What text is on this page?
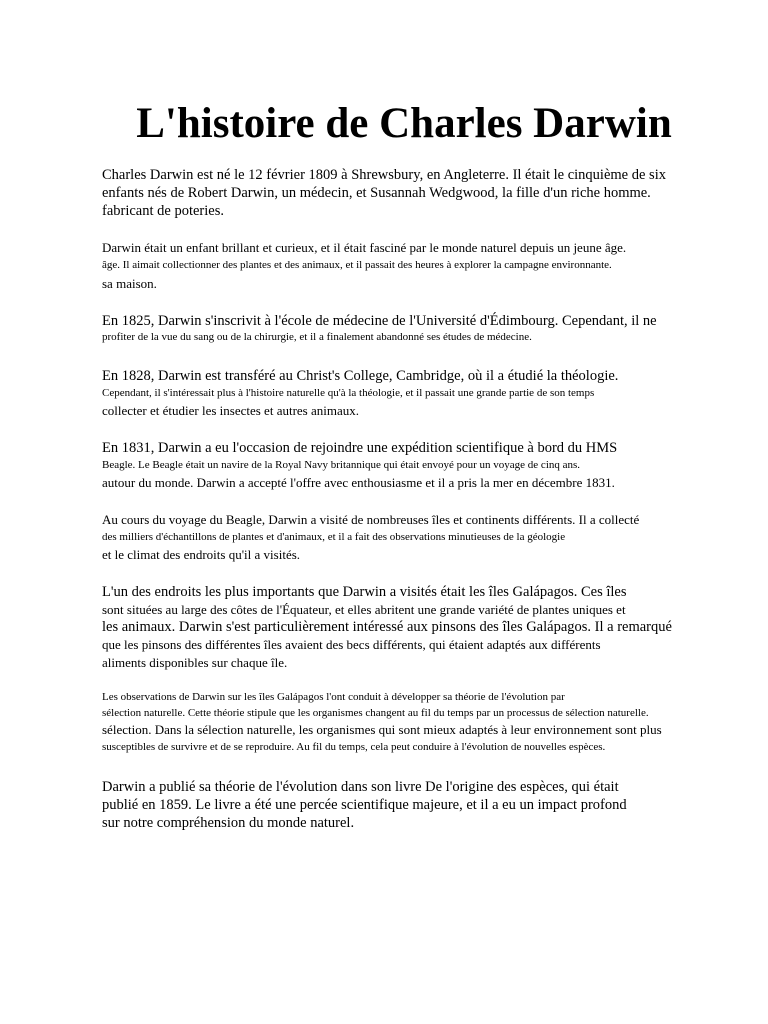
L'histoire de Charles Darwin

Charles Darwin est né le 12 février 1809 à Shrewsbury, en Angleterre. Il était le cinquième de six
enfants nés de Robert Darwin, un médecin, et Susannah Wedgwood, la fille d'un riche homme.
fabricant de poteries.

Darwin était un enfant brillant et curieux, et il était fasciné par le monde naturel depuis un jeune âge.
âge. Il aimait collectionner des plantes et des animaux, et il passait des heures à explorer la campagne environnante.
sa maison.

En 1825, Darwin s'inscrivit à l'école de médecine de l'Université d'Édimbourg. Cependant, il ne
profiter de la vue du sang ou de la chirurgie, et il a finalement abandonné ses études de médecine.

En 1828, Darwin est transféré au Christ's College, Cambridge, où il a étudié la théologie.
Cependant, il s'intéressait plus à l'histoire naturelle qu'à la théologie, et il passait une grande partie de son temps
collecter et étudier les insectes et autres animaux.

En 1831, Darwin a eu l'occasion de rejoindre une expédition scientifique à bord du HMS
Beagle. Le Beagle était un navire de la Royal Navy britannique qui était envoyé pour un voyage de cinq ans.
autour du monde. Darwin a accepté l'offre avec enthousiasme et il a pris la mer en décembre 1831.

Au cours du voyage du Beagle, Darwin a visité de nombreuses îles et continents différents. Il a collecté
des milliers d'échantillons de plantes et d'animaux, et il a fait des observations minutieuses de la géologie
et le climat des endroits qu'il a visités.

L'un des endroits les plus importants que Darwin a visités était les îles Galápagos. Ces îles
sont situées au large des côtes de l'Équateur, et elles abritent une grande variété de plantes uniques et
les animaux. Darwin s'est particulièrement intéressé aux pinsons des îles Galápagos. Il a remarqué
que les pinsons des différentes îles avaient des becs différents, qui étaient adaptés aux différents
aliments disponibles sur chaque île.

Les observations de Darwin sur les îles Galápagos l'ont conduit à développer sa théorie de l'évolution par
sélection naturelle. Cette théorie stipule que les organismes changent au fil du temps par un processus de sélection naturelle.
sélection. Dans la sélection naturelle, les organismes qui sont mieux adaptés à leur environnement sont plus
susceptibles de survivre et de se reproduire. Au fil du temps, cela peut conduire à l'évolution de nouvelles espèces.

Darwin a publié sa théorie de l'évolution dans son livre De l'origine des espèces, qui était
publié en 1859. Le livre a été une percée scientifique majeure, et il a eu un impact profond
sur notre compréhension du monde naturel.
